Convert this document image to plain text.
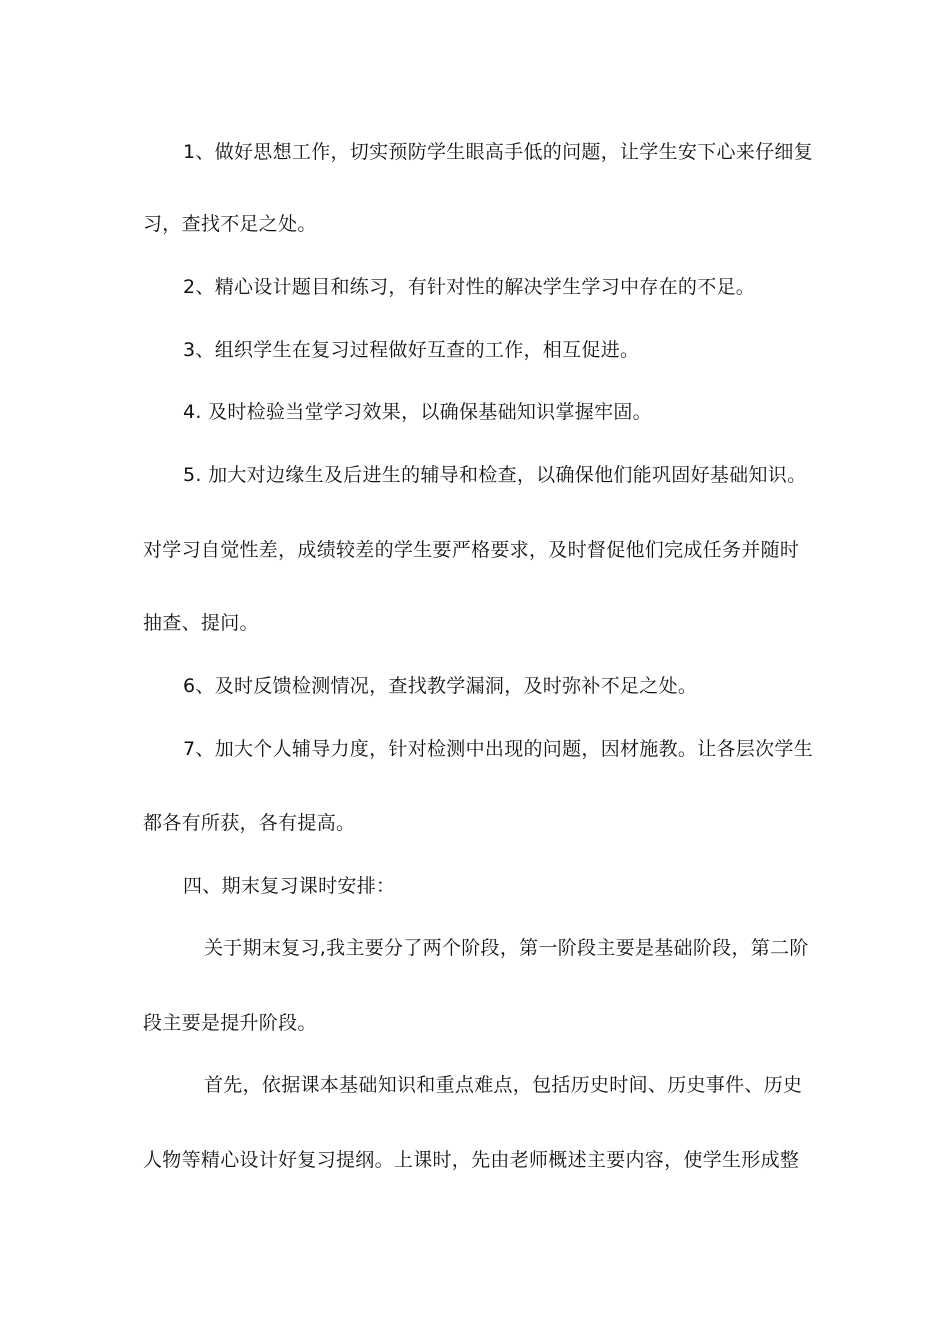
1、做好思想工作，切实预防学生眼高手低的问题，让学生安下心来仔细复
习，查找不足之处。
2、精心设计题目和练习，有针对性的解决学生学习中存在的不足。
3、组织学生在复习过程做好互查的工作，相互促进。
4. 及时检验当堂学习效果，以确保基础知识掌握牢固。
5. 加大对边缘生及后进生的辅导和检查，以确保他们能巩固好基础知识。
对学习自觉性差，成绩较差的学生要严格要求，及时督促他们完成任务并随时
抽查、提问。
6、及时反馈检测情况，查找教学漏洞，及时弥补不足之处。
7、加大个人辅导力度，针对检测中出现的问题，因材施教。让各层次学生
都各有所获，各有提高。
四、期末复习课时安排：
关于期末复习,我主要分了两个阶段，第一阶段主要是基础阶段，第二阶
段主要是提升阶段。
首先，依据课本基础知识和重点难点，包括历史时间、历史事件、历史
人物等精心设计好复习提纲。上课时，先由老师概述主要内容，使学生形成整
